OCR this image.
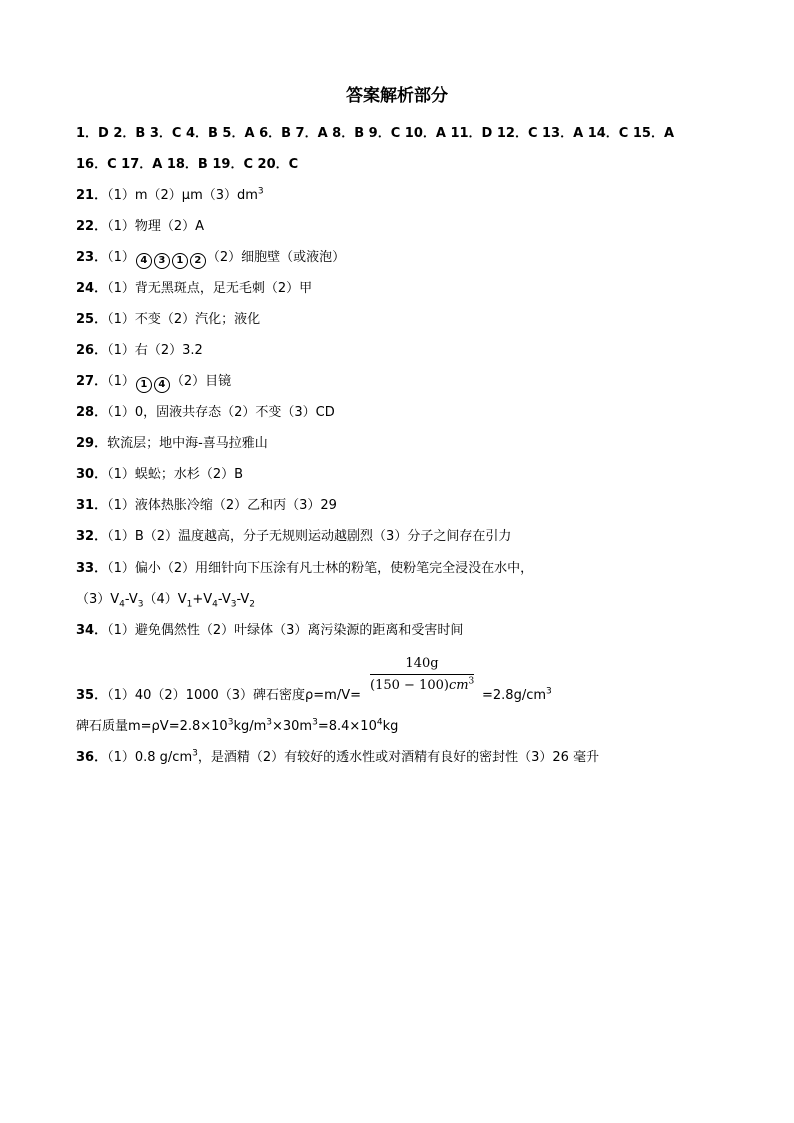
答案解析部分
1．D 2．B 3．C 4．B 5．A 6．B 7．A 8．B 9．C 10．A 11．D 12．C 13．A 14．C 15．A
16．C 17．A 18．B 19．C 20．C
21．$(1)m(2)\mu m(3)dm^3$
22．（1）物理（2）A
23．（1） 4 3 1 2 （2）细胞壁（或液泡）
24．（1）背无黑斑点，足无毛刺（2）甲
25．（1）不变（2）汽化；液化
26．（1）右（2）3.2
27．（1） 1 4 （2）目镜
28．（1）0，固液共存态（2）不变（3）CD
29．软流层；地中海-喜马拉雅山
30．（1）蜈蚣；水杉（2）B
31．（1）液体热胀冷缩（2）乙和丙（3）29
32．（1）B（2）温度越高，分子无规则运动越剧烈（3）分子之间存在引力
33．（1）偏小（2）用细针向下压涂有凡士林的粉笔，使粉笔完全浸没在水中，
$(3)V_4-V_3(4)V_1+V_4-V_3-V_2$
34．（1）避免偶然性（2）叶绿体（3）离污染源的距离和受害时间
140g
$(150 - 100)cm^3$
35．（1）40（2）1000（3）碑石密度ρ=m/V=	$=2.8g/cm^3$
碑石质量$m=\rho V=2.8\times 10^3kg/m^3\times 30m^3=8.4\times 10^4kg$
36．（1）0.8 $g/cm^3$，是酒精（2）有较好的透水性或对酒精有良好的密封性（3）26 毫升
